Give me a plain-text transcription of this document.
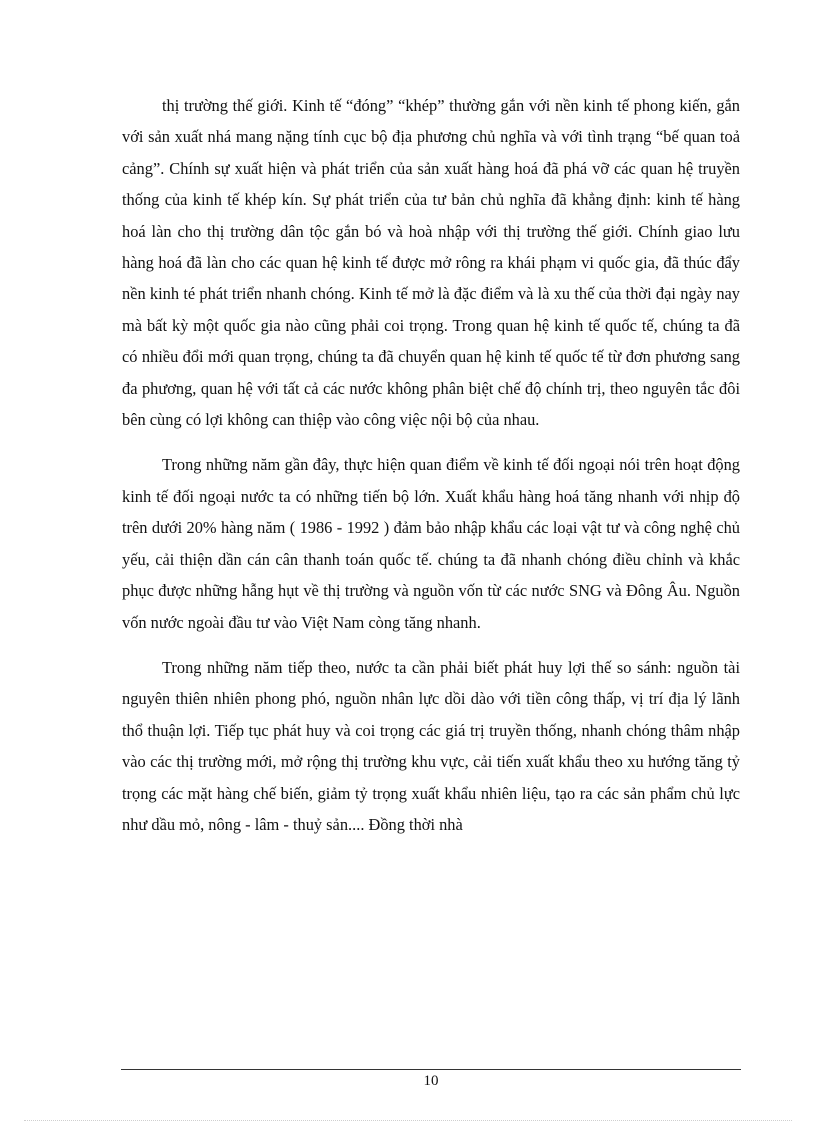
thị trường thế giới. Kinh tế “đóng” “khép” thường gắn với nền kinh tế phong kiến, gắn với sản xuất nhá mang nặng tính cục bộ địa phương chủ nghĩa và với tình trạng “bế quan toả cảng”. Chính sự xuất hiện và phát triển của sản xuất hàng hoá đã phá vỡ các quan hệ truyền thống của kinh tế khép kín. Sự phát triển của tư bản chủ nghĩa đã khẳng định: kinh tế hàng hoá làn cho thị trường dân tộc gắn bó và hoà nhập với thị trường thế giới. Chính giao lưu hàng hoá đã làn cho các quan hệ kinh tế được mở rông ra khái phạm vi quốc gia, đã thúc đẩy nền kinh té phát triển nhanh chóng. Kinh tế mở là đặc điểm và là xu thế của thời đại ngày nay mà bất kỳ một quốc gia nào cũng phải coi trọng. Trong quan hệ kinh tế quốc tế, chúng ta đã có nhiều đổi mới quan trọng, chúng ta đã chuyển quan hệ kinh tế quốc tế từ đơn phương sang đa phương, quan hệ với tất cả các nước không phân biệt chế độ chính trị, theo nguyên tắc đôi bên cùng có lợi không can thiệp vào công việc nội bộ của nhau.

Trong những năm gần đây, thực hiện quan điểm về kinh tế đối ngoại nói trên hoạt động kinh tế đối ngoại nước ta có những tiến bộ lớn. Xuất khẩu hàng hoá tăng nhanh với nhịp độ trên dưới 20% hàng năm ( 1986 - 1992 ) đảm bảo nhập khẩu các loại vật tư và công nghệ chủ yếu, cải thiện dần cán cân thanh toán quốc tế. chúng ta đã nhanh chóng điều chỉnh và khắc phục được những hẫng hụt về thị trường và nguồn vốn từ các nước SNG và Đông Âu. Nguồn vốn nước ngoài đầu tư vào Việt Nam còng tăng nhanh.

Trong những năm tiếp theo, nước ta cần phải biết phát huy lợi thế so sánh: nguồn tài nguyên thiên nhiên phong phó, nguồn nhân lực dồi dào với tiền công thấp, vị trí địa lý lãnh thổ thuận lợi. Tiếp tục phát huy và coi trọng các giá trị truyền thống, nhanh chóng thâm nhập vào các thị trường mới, mở rộng thị trường khu vực, cải tiến xuất khẩu theo xu hướng tăng tỷ trọng các mặt hàng chế biến, giảm tỷ trọng xuất khẩu nhiên liệu, tạo ra các sản phẩm chủ lực như dầu mỏ, nông - lâm - thuỷ sản.... Đồng thời nhà

10
